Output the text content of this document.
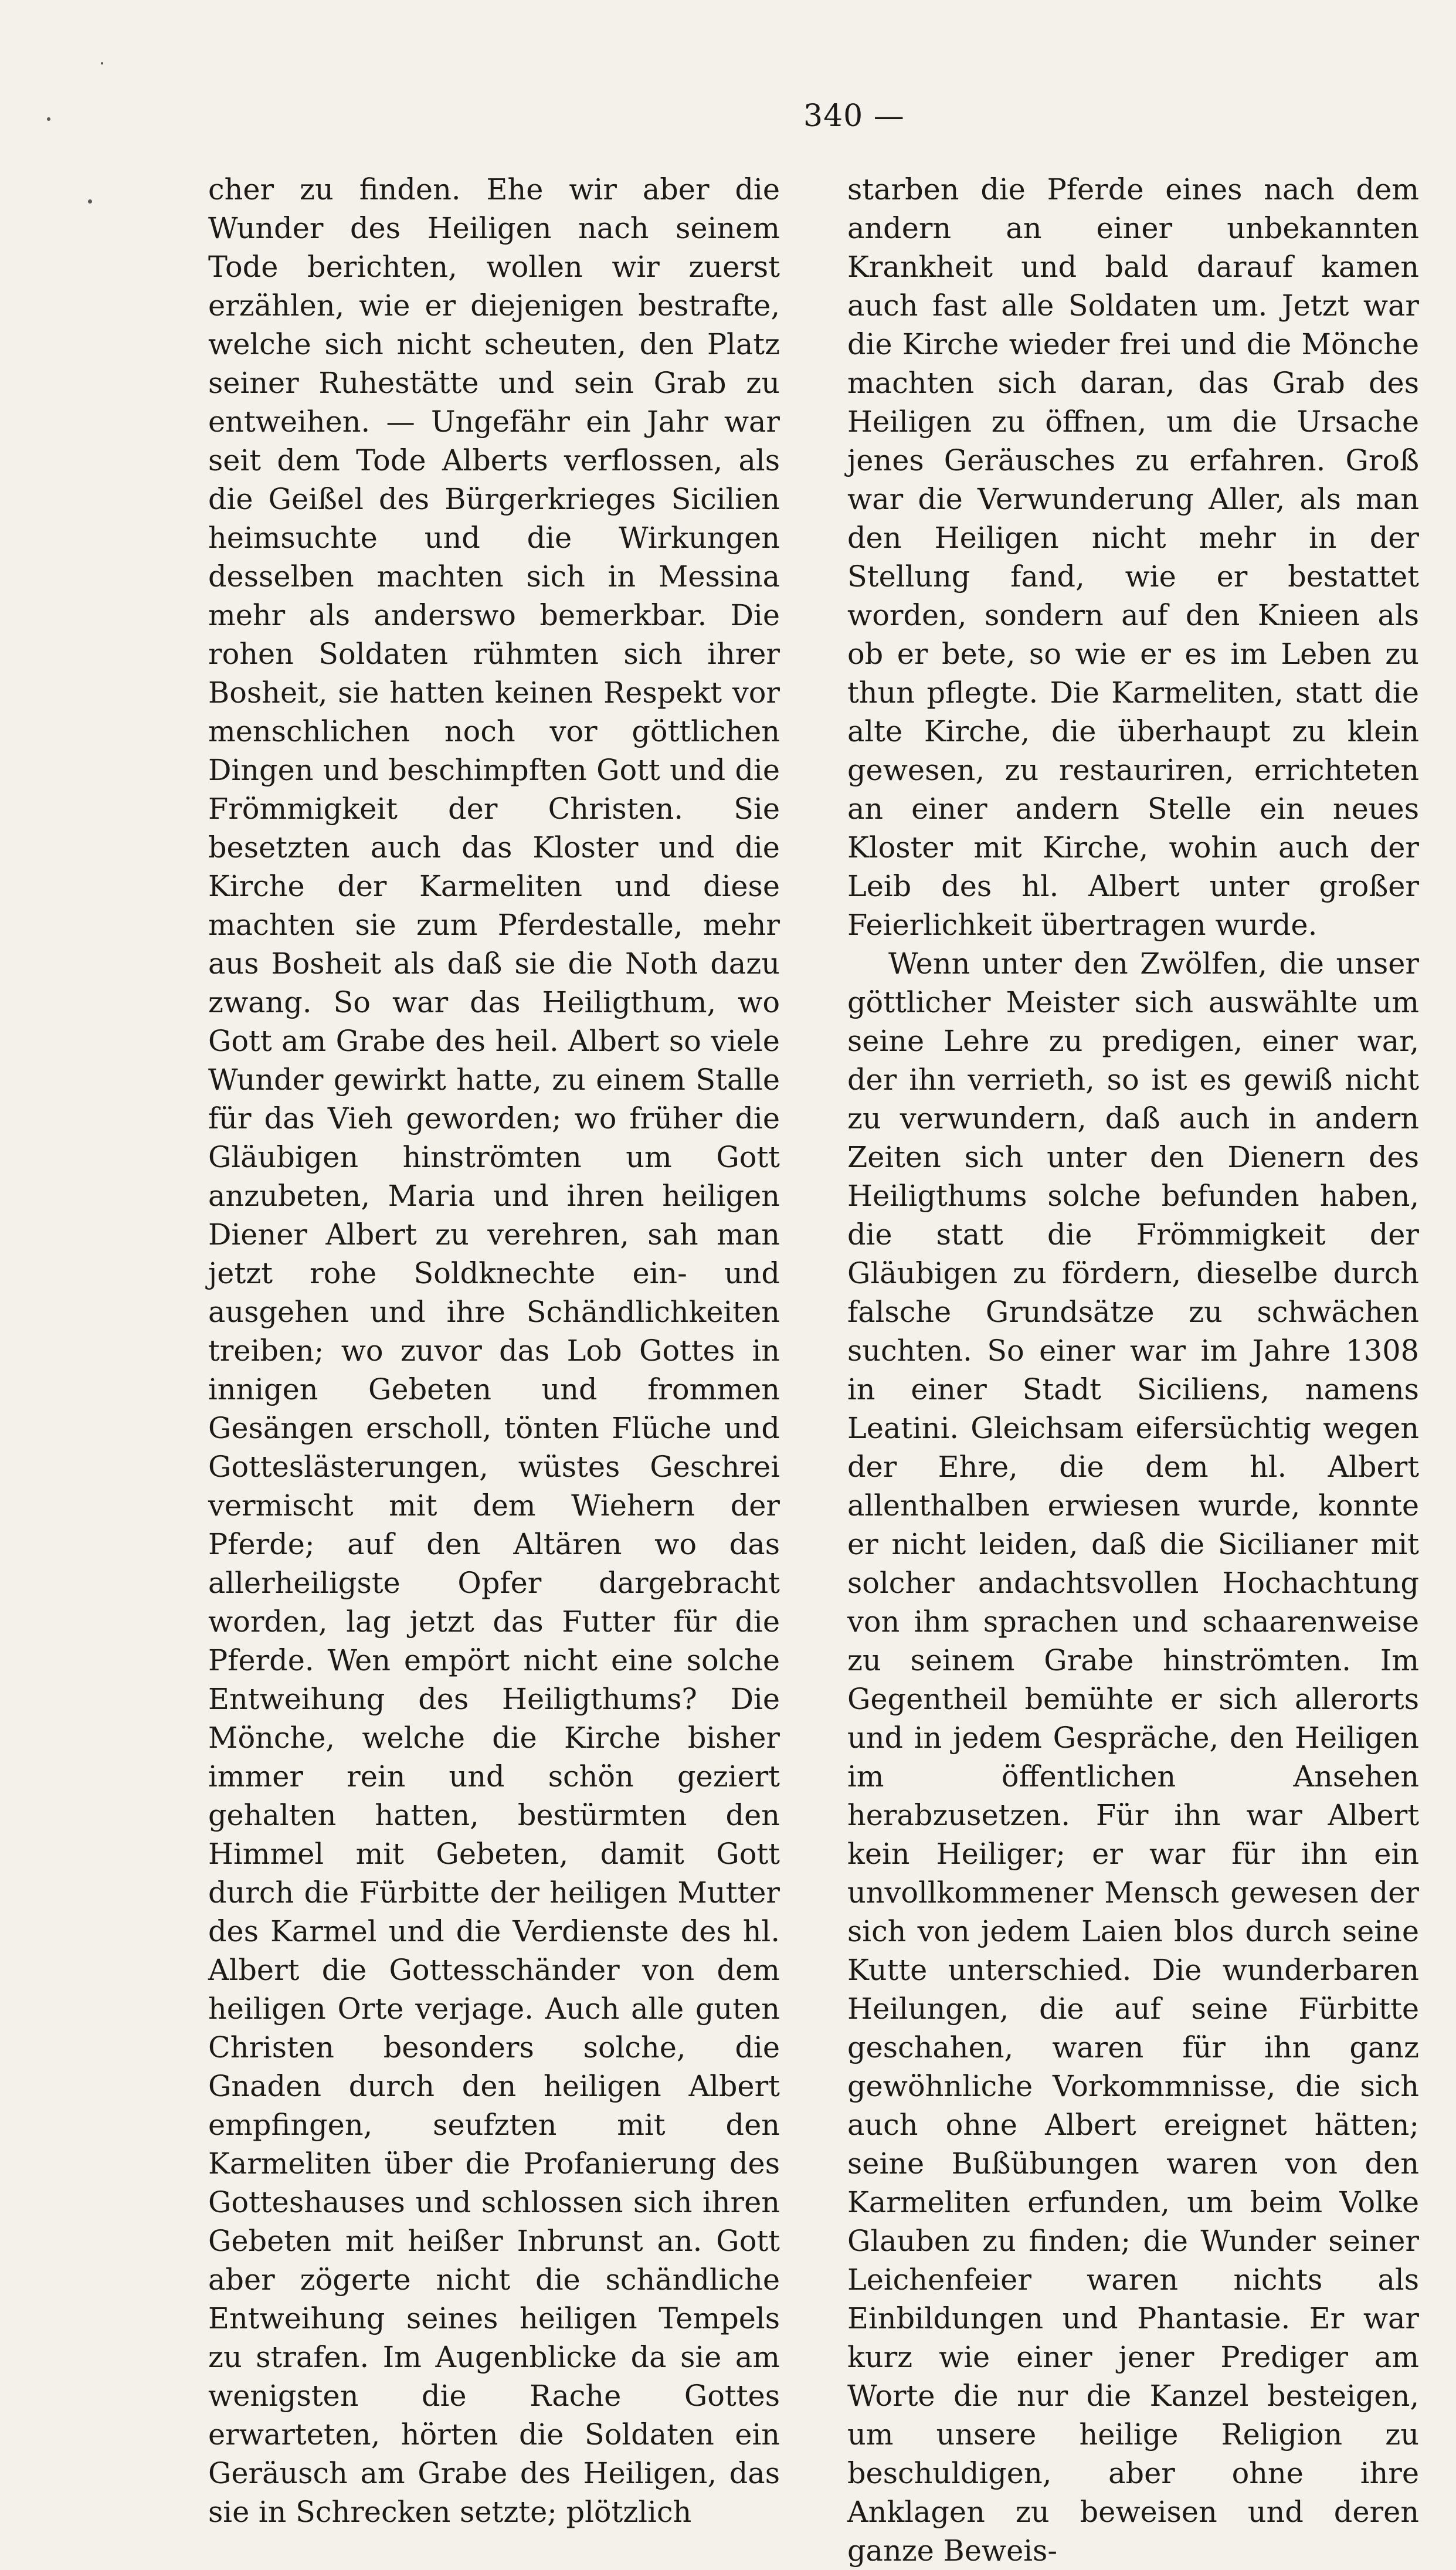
340 —

cher zu finden. Ehe wir aber die Wunder des Heiligen nach seinem Tode berichten, wollen wir zuerst erzählen, wie er diejenigen bestrafte, welche sich nicht scheuten, den Platz seiner Ruhestätte und sein Grab zu entweihen. — Ungefähr ein Jahr war seit dem Tode Alberts verflossen, als die Geißel des Bürgerkrieges Sicilien heimsuchte und die Wirkungen desselben machten sich in Messina mehr als anderswo bemerkbar. Die rohen Soldaten rühmten sich ihrer Bosheit, sie hatten keinen Respekt vor menschlichen noch vor göttlichen Dingen und beschimpften Gott und die Frömmigkeit der Christen. Sie besetzten auch das Kloster und die Kirche der Karmeliten und diese machten sie zum Pferdestalle, mehr aus Bosheit als daß sie die Noth dazu zwang. So war das Heiligthum, wo Gott am Grabe des heil. Albert so viele Wunder gewirkt hatte, zu einem Stalle für das Vieh geworden; wo früher die Gläubigen hinströmten um Gott anzubeten, Maria und ihren heiligen Diener Albert zu verehren, sah man jetzt rohe Soldknechte ein- und ausgehen und ihre Schändlichkeiten treiben; wo zuvor das Lob Gottes in innigen Gebeten und frommen Gesängen erscholl, tönten Flüche und Gotteslästerungen, wüstes Geschrei vermischt mit dem Wiehern der Pferde; auf den Altären wo das allerheiligste Opfer dargebracht worden, lag jetzt das Futter für die Pferde. Wen empört nicht eine solche Entweihung des Heiligthums? Die Mönche, welche die Kirche bisher immer rein und schön geziert gehalten hatten, bestürmten den Himmel mit Gebeten, damit Gott durch die Fürbitte der heiligen Mutter des Karmel und die Verdienste des hl. Albert die Gottesschänder von dem heiligen Orte verjage. Auch alle guten Christen besonders solche, die Gnaden durch den heiligen Albert empfingen, seufzten mit den Karmeliten über die Profanierung des Gotteshauses und schlossen sich ihren Gebeten mit heißer Inbrunst an. Gott aber zögerte nicht die schändliche Entweihung seines heiligen Tempels zu strafen. Im Augenblicke da sie am wenigsten die Rache Gottes erwarteten, hörten die Soldaten ein Geräusch am Grabe des Heiligen, das sie in Schrecken setzte; plötzlich

starben die Pferde eines nach dem andern an einer unbekannten Krankheit und bald darauf kamen auch fast alle Soldaten um. Jetzt war die Kirche wieder frei und die Mönche machten sich daran, das Grab des Heiligen zu öffnen, um die Ursache jenes Geräusches zu erfahren. Groß war die Verwunderung Aller, als man den Heiligen nicht mehr in der Stellung fand, wie er bestattet worden, sondern auf den Knieen als ob er bete, so wie er es im Leben zu thun pflegte. Die Karmeliten, statt die alte Kirche, die überhaupt zu klein gewesen, zu restauriren, errichteten an einer andern Stelle ein neues Kloster mit Kirche, wohin auch der Leib des hl. Albert unter großer Feierlichkeit übertragen wurde.

Wenn unter den Zwölfen, die unser göttlicher Meister sich auswählte um seine Lehre zu predigen, einer war, der ihn verrieth, so ist es gewiß nicht zu verwundern, daß auch in andern Zeiten sich unter den Dienern des Heiligthums solche befunden haben, die statt die Frömmigkeit der Gläubigen zu fördern, dieselbe durch falsche Grundsätze zu schwächen suchten. So einer war im Jahre 1308 in einer Stadt Siciliens, namens Leatini. Gleichsam eifersüchtig wegen der Ehre, die dem hl. Albert allenthalben erwiesen wurde, konnte er nicht leiden, daß die Sicilianer mit solcher andachtsvollen Hochachtung von ihm sprachen und schaarenweise zu seinem Grabe hinströmten. Im Gegentheil bemühte er sich allerorts und in jedem Gespräche, den Heiligen im öffentlichen Ansehen herabzusetzen. Für ihn war Albert kein Heiliger; er war für ihn ein unvollkommener Mensch gewesen der sich von jedem Laien blos durch seine Kutte unterschied. Die wunderbaren Heilungen, die auf seine Fürbitte geschahen, waren für ihn ganz gewöhnliche Vorkommnisse, die sich auch ohne Albert ereignet hätten; seine Bußübungen waren von den Karmeliten erfunden, um beim Volke Glauben zu finden; die Wunder seiner Leichenfeier waren nichts als Einbildungen und Phantasie. Er war kurz wie einer jener Prediger am Worte die nur die Kanzel besteigen, um unsere heilige Religion zu beschuldigen, aber ohne ihre Anklagen zu beweisen und deren ganze Beweis-
